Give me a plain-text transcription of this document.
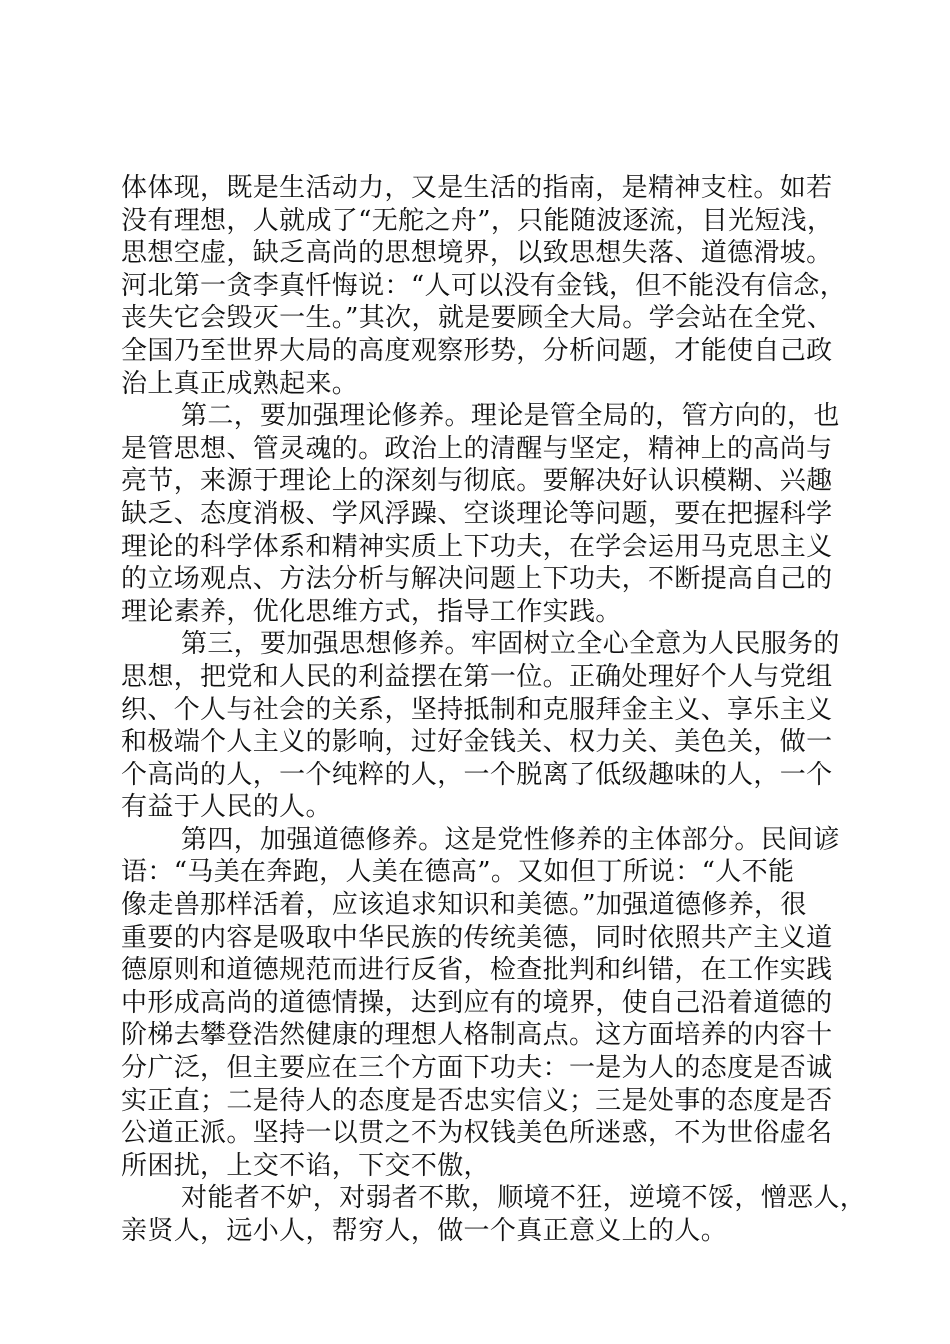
体体现，既是生活动力，又是生活的指南，是精神支柱。如若
没有理想，人就成了“无舵之舟”，只能随波逐流，目光短浅，
思想空虚，缺乏高尚的思想境界，以致思想失落、道德滑坡。
河北第一贪李真忏悔说：“人可以没有金钱，但不能没有信念，
丧失它会毁灭一生。”其次，就是要顾全大局。学会站在全党、
全国乃至世界大局的高度观察形势，分析问题，才能使自己政
治上真正成熟起来。
第二，要加强理论修养。理论是管全局的，管方向的，也
是管思想、管灵魂的。政治上的清醒与坚定，精神上的高尚与
亮节，来源于理论上的深刻与彻底。要解决好认识模糊、兴趣
缺乏、态度消极、学风浮躁、空谈理论等问题，要在把握科学
理论的科学体系和精神实质上下功夫，在学会运用马克思主义
的立场观点、方法分析与解决问题上下功夫，不断提高自己的
理论素养，优化思维方式，指导工作实践。
第三，要加强思想修养。牢固树立全心全意为人民服务的
思想，把党和人民的利益摆在第一位。正确处理好个人与党组
织、个人与社会的关系，坚持抵制和克服拜金主义、享乐主义
和极端个人主义的影响，过好金钱关、权力关、美色关，做一
个高尚的人，一个纯粹的人，一个脱离了低级趣味的人，一个
有益于人民的人。
第四，加强道德修养。这是党性修养的主体部分。民间谚
语：“马美在奔跑，人美在德高”。又如但丁所说：“人不能
像走兽那样活着，应该追求知识和美德。”加强道德修养，很
重要的内容是吸取中华民族的传统美德，同时依照共产主义道
德原则和道德规范而进行反省，检查批判和纠错，在工作实践
中形成高尚的道德情操，达到应有的境界，使自己沿着道德的
阶梯去攀登浩然健康的理想人格制高点。这方面培养的内容十
分广泛，但主要应在三个方面下功夫：一是为人的态度是否诚
实正直；二是待人的态度是否忠实信义；三是处事的态度是否
公道正派。坚持一以贯之不为权钱美色所迷惑，不为世俗虚名
所困扰，上交不谄，下交不傲，
对能者不妒，对弱者不欺，顺境不狂，逆境不馁，憎恶人，
亲贤人，远小人，帮穷人，做一个真正意义上的人。
